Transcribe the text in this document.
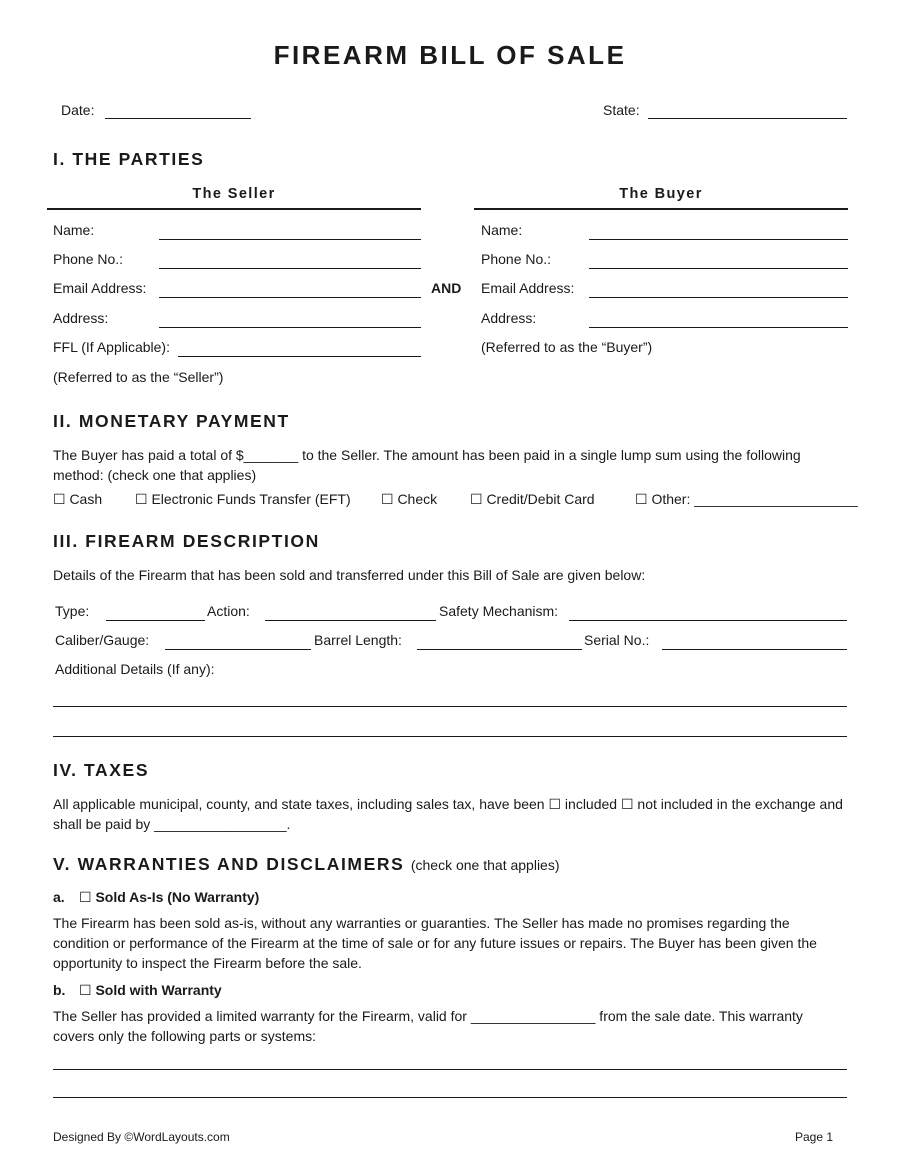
FIREARM BILL OF SALE
Date:	State:
I. THE PARTIES
The Seller	The Buyer
Name:
Phone No.:
Email Address:
Address:
FFL (If Applicable):
(Referred to as the “Seller”)
AND
Name:
Phone No.:
Email Address:
Address:
(Referred to as the “Buyer”)
II. MONETARY PAYMENT
The Buyer has paid a total of $_______ to the Seller. The amount has been paid in a single lump sum using the following method: (check one that applies)
☐ Cash ☐ Electronic Funds Transfer (EFT) ☐ Check ☐ Credit/Debit Card	☐ Other: _____________________
III. FIREARM DESCRIPTION
Details of the Firearm that has been sold and transferred under this Bill of Sale are given below:
Type:	Action:	Safety Mechanism:
Caliber/Gauge:	Barrel Length:	Serial No.:
Additional Details (If any):
IV. TAXES
All applicable municipal, county, and state taxes, including sales tax, have been ☐ included ☐ not included in the exchange and shall be paid by _________________.
V. WARRANTIES AND DISCLAIMERS (check one that applies)
a. ☐ Sold As-Is (No Warranty)
The Firearm has been sold as-is, without any warranties or guaranties. The Seller has made no promises regarding the condition or performance of the Firearm at the time of sale or for any future issues or repairs. The Buyer has been given the opportunity to inspect the Firearm before the sale.
b. ☐ Sold with Warranty
The Seller has provided a limited warranty for the Firearm, valid for ________________ from the sale date. This warranty covers only the following parts or systems:
Designed By ©WordLayouts.com	Page 1
